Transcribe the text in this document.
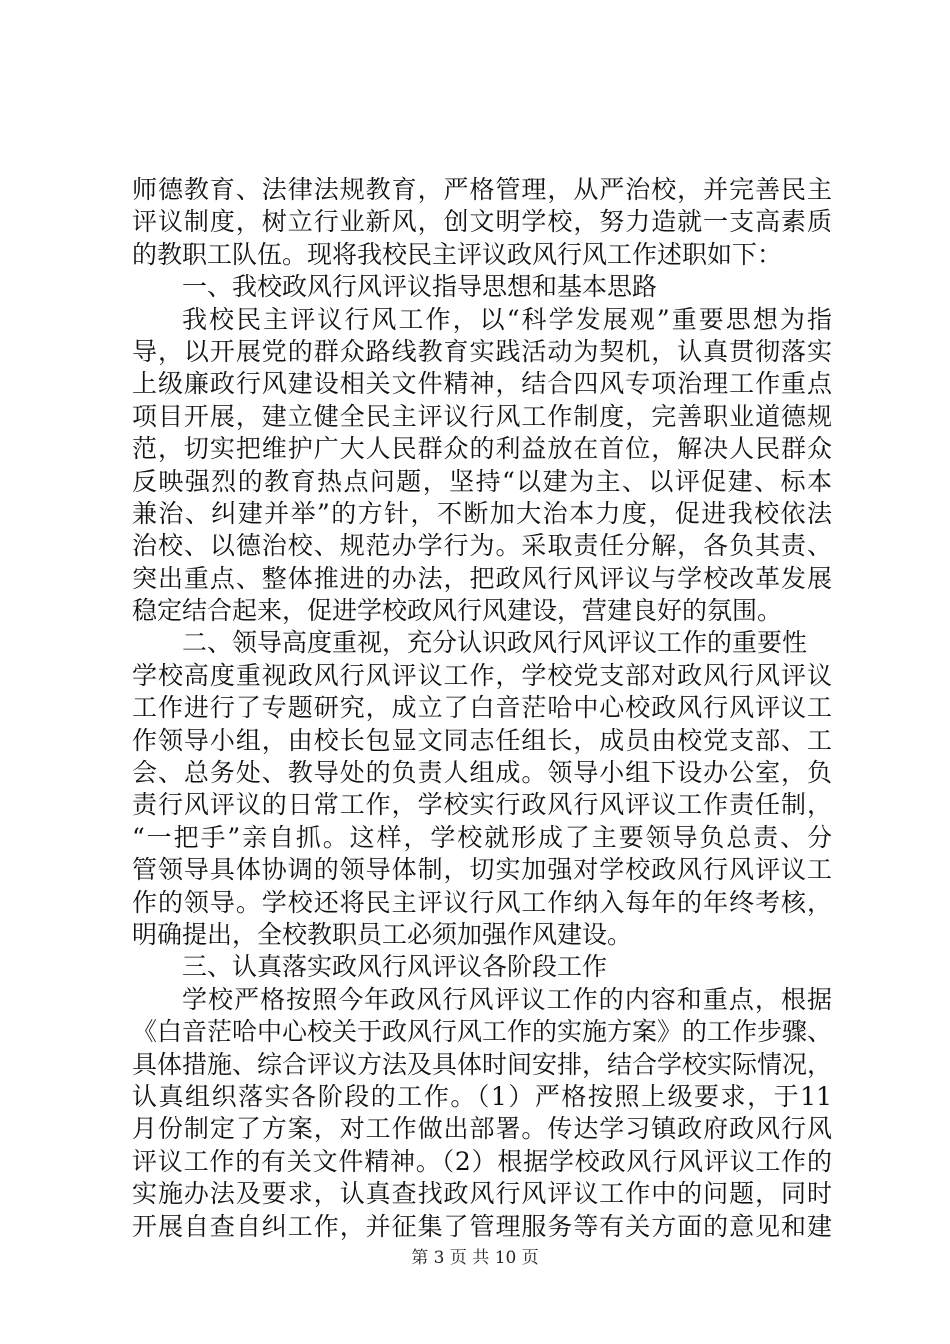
师德教育、法律法规教育，严格管理，从严治校，并完善民主
评议制度，树立行业新风，创文明学校，努力造就一支高素质
的教职工队伍。现将我校民主评议政风行风工作述职如下：
一、我校政风行风评议指导思想和基本思路
我校民主评议行风工作，以“科学发展观”重要思想为指
导，以开展党的群众路线教育实践活动为契机，认真贯彻落实
上级廉政行风建设相关文件精神，结合四风专项治理工作重点
项目开展，建立健全民主评议行风工作制度，完善职业道德规
范，切实把维护广大人民群众的利益放在首位，解决人民群众
反映强烈的教育热点问题，坚持“以建为主、以评促建、标本
兼治、纠建并举”的方针，不断加大治本力度，促进我校依法
治校、以德治校、规范办学行为。采取责任分解，各负其责、
突出重点、整体推进的办法，把政风行风评议与学校改革发展
稳定结合起来，促进学校政风行风建设，营建良好的氛围。
二、领导高度重视，充分认识政风行风评议工作的重要性
学校高度重视政风行风评议工作，学校党支部对政风行风评议
工作进行了专题研究，成立了白音茫哈中心校政风行风评议工
作领导小组，由校长包显文同志任组长，成员由校党支部、工
会、总务处、教导处的负责人组成。领导小组下设办公室，负
责行风评议的日常工作，学校实行政风行风评议工作责任制，
“一把手”亲自抓。这样，学校就形成了主要领导负总责、分
管领导具体协调的领导体制，切实加强对学校政风行风评议工
作的领导。学校还将民主评议行风工作纳入每年的年终考核，
明确提出，全校教职员工必须加强作风建设。
三、认真落实政风行风评议各阶段工作
学校严格按照今年政风行风评议工作的内容和重点，根据
《白音茫哈中心校关于政风行风工作的实施方案》的工作步骤、
具体措施、综合评议方法及具体时间安排，结合学校实际情况，
认真组织落实各阶段的工作。（1）严格按照上级要求，于11
月份制定了方案，对工作做出部署。传达学习镇政府政风行风
评议工作的有关文件精神。（2）根据学校政风行风评议工作的
实施办法及要求，认真查找政风行风评议工作中的问题，同时
开展自查自纠工作，并征集了管理服务等有关方面的意见和建
第 3 页 共 10 页
